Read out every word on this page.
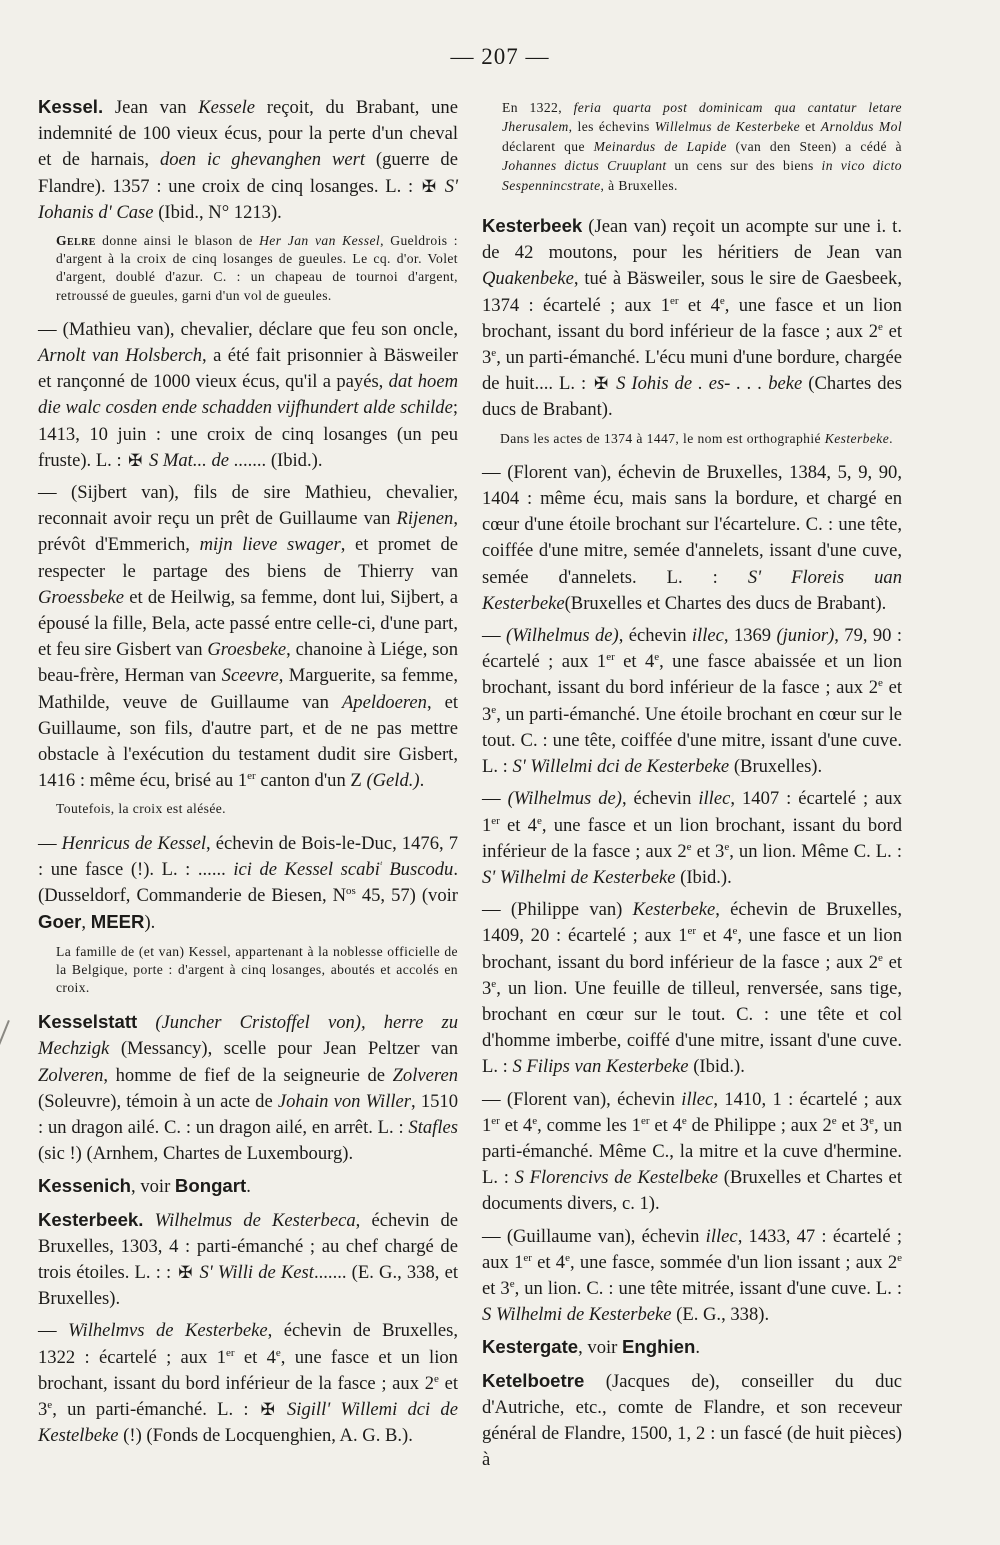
— 207 —

Kessel. Jean van Kessele reçoit, du Brabant, une indemnité de 100 vieux écus, pour la perte d'un cheval et de harnais, doen ic ghevanghen wert (guerre de Flandre). 1357 : une croix de cinq losanges. L. : ✠ S' Iohanis d' Case (Ibid., N° 1213).

Gelre donne ainsi le blason de Her Jan van Kessel, Gueldrois : d'argent à la croix de cinq losanges de gueules. Le cq. d'or. Volet d'argent, doublé d'azur. C. : un chapeau de tournoi d'argent, retroussé de gueules, garni d'un vol de gueules.

— (Mathieu van), chevalier, déclare que feu son oncle, Arnolt van Holsberch, a été fait prisonnier à Bäsweiler et rançonné de 1000 vieux écus, qu'il a payés, dat hoem die walc cosden ende schadden vijfhundert alde schilde; 1413, 10 juin : une croix de cinq losanges (un peu fruste). L. : ✠ S Mat... de ....... (Ibid.).

— (Sijbert van), fils de sire Mathieu, chevalier, reconnait avoir reçu un prêt de Guillaume van Rijenen, prévôt d'Emmerich, mijn lieve swager, et promet de respecter le partage des biens de Thierry van Groessbeke et de Heilwig, sa femme, dont lui, Sijbert, a épousé la fille, Bela, acte passé entre celle-ci, d'une part, et feu sire Gisbert van Groesbeke, chanoine à Liége, son beau-frère, Herman van Sceevre, Marguerite, sa femme, Mathilde, veuve de Guillaume van Apeldoeren, et Guillaume, son fils, d'autre part, et de ne pas mettre obstacle à l'exécution du testament dudit sire Gisbert, 1416 : même écu, brisé au 1er canton d'un Z (Geld.).

Toutefois, la croix est alésée.

— Henricus de Kessel, échevin de Bois-le-Duc, 1476, 7 : une fasce (!). L. : ...... ici de Kessel scabi$^ᵗ$ Buscodu. (Dusseldorf, Commanderie de Biesen, $N^{os}$ 45, 57) (voir Goer, MEER).

La famille de (et van) Kessel, appartenant à la noblesse officielle de la Belgique, porte : d'argent à cinq losanges, aboutés et accolés en croix.

Kesselstatt (Juncher Cristoffel von), herre zu Mechzigk (Messancy), scelle pour Jean Peltzer van Zolveren, homme de fief de la seigneurie de Zolveren (Soleuvre), témoin à un acte de Johain von Willer, 1510 : un dragon ailé. C. : un dragon ailé, en arrêt. L. : Stafles (sic !) (Arnhem, Chartes de Luxembourg).

Kessenich, voir Bongart.

Kesterbeek. Wilhelmus de Kesterbeca, échevin de Bruxelles, 1303, 4 : parti-émanché ; au chef chargé de trois étoiles. L. : : ✠ S' Willi de Kest....... (E. G., 338, et Bruxelles).

— Wilhelmvs de Kesterbeke, échevin de Bruxelles, 1322 : écartelé ; aux 1er et 4e, une fasce et un lion brochant, issant du bord inférieur de la fasce ; aux 2e et 3e, un parti-émanché. L. : ✠ Sigill' Willemi dci de Kestelbeke (!) (Fonds de Locquenghien, A. G. B.).

En 1322, feria quarta post dominicam qua cantatur letare Jherusalem, les échevins Willelmus de Kesterbeke et Arnoldus Mol déclarent que Meinardus de Lapide (van den Steen) a cédé à Johannes dictus Cruuplant un cens sur des biens in vico dicto Sespennincstrate, à Bruxelles.

Kesterbeek (Jean van) reçoit un acompte sur une i. t. de 42 moutons, pour les héritiers de Jean van Quakenbeke, tué à Bäsweiler, sous le sire de Gaesbeek, 1374 : écartelé ; aux 1er et 4e, une fasce et un lion brochant, issant du bord inférieur de la fasce ; aux 2e et 3e, un parti-émanché. L'écu muni d'une bordure, chargée de huit.... L. : ✠ S Iohis de . es- . . . beke (Chartes des ducs de Brabant).

Dans les actes de 1374 à 1447, le nom est orthographié Kesterbeke.

— (Florent van), échevin de Bruxelles, 1384, 5, 9, 90, 1404 : même écu, mais sans la bordure, et chargé en cœur d'une étoile brochant sur l'écartelure. C. : une tête, coiffée d'une mitre, semée d'annelets, issant d'une cuve, semée d'annelets. L. : S' Floreis uan Kesterbeke(Bruxelles et Chartes des ducs de Brabant).

— (Wilhelmus de), échevin illec, 1369 (junior), 79, 90 : écartelé ; aux 1er et 4e, une fasce abaissée et un lion brochant, issant du bord inférieur de la fasce ; aux 2e et 3e, un parti-émanché. Une étoile brochant en cœur sur le tout. C. : une tête, coiffée d'une mitre, issant d'une cuve. L. : S' Willelmi dci de Kesterbeke (Bruxelles).

— (Wilhelmus de), échevin illec, 1407 : écartelé ; aux 1er et 4e, une fasce et un lion brochant, issant du bord inférieur de la fasce ; aux 2e et 3e, un lion. Même C. L. : S' Wilhelmi de Kesterbeke (Ibid.).

— (Philippe van) Kesterbeke, échevin de Bruxelles, 1409, 20 : écartelé ; aux 1er et 4e, une fasce et un lion brochant, issant du bord inférieur de la fasce ; aux 2e et 3e, un lion. Une feuille de tilleul, renversée, sans tige, brochant en cœur sur le tout. C. : une tête et col d'homme imberbe, coiffé d'une mitre, issant d'une cuve. L. : S Filips van Kesterbeke (Ibid.).

— (Florent van), échevin illec, 1410, 1 : écartelé ; aux 1er et 4e, comme les 1er et 4e de Philippe ; aux 2e et 3e, un parti-émanché. Même C., la mitre et la cuve d'hermine. L. : S Florencivs de Kestelbeke (Bruxelles et Chartes et documents divers, c. 1).

— (Guillaume van), échevin illec, 1433, 47 : écartelé ; aux 1er et 4e, une fasce, sommée d'un lion issant ; aux 2e et 3e, un lion. C. : une tête mitrée, issant d'une cuve. L. : S Wilhelmi de Kesterbeke (E. G., 338).

Kestergate, voir Enghien.

Ketelboetre (Jacques de), conseiller du duc d'Autriche, etc., comte de Flandre, et son receveur général de Flandre, 1500, 1, 2 : un fascé (de huit pièces) à
